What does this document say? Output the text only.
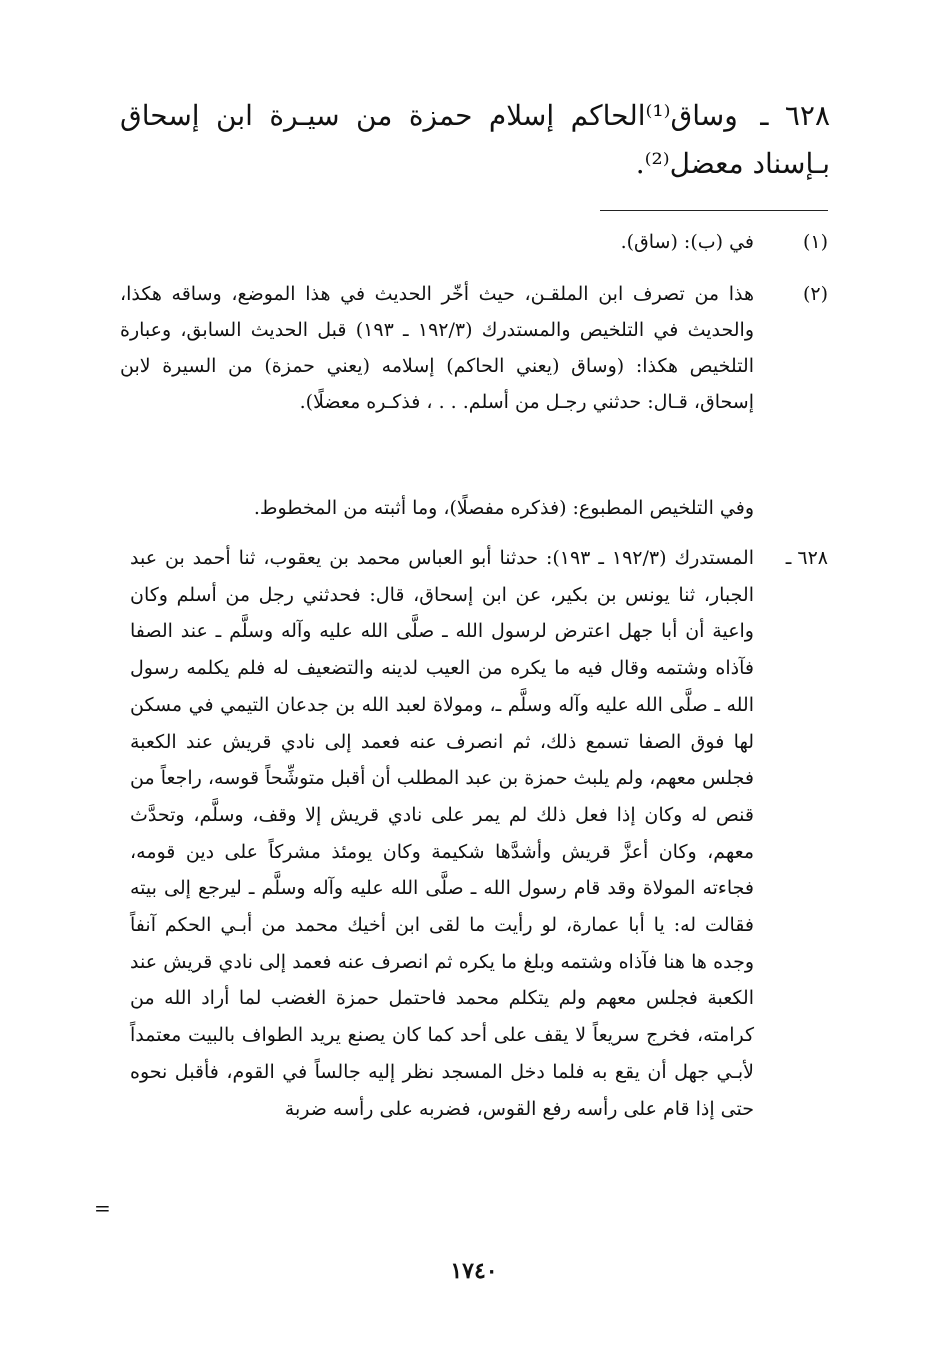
٦٢٨ ـ وساق⁽¹⁾الحاكم إسلام حمزة من سيـرة ابن إسحاق بـإسناد معضل⁽²⁾.
(١)
في (ب): (ساق).
(٢)
هذا من تصرف ابن الملقـن، حيث أخّر الحديث في هذا الموضع، وساقه هكذا، والحديث في التلخيص والمستدرك (١٩٢/٣ ـ ١٩٣) قبل الحديث السابق، وعبارة التلخيص هكذا: (وساق (يعني الحاكم) إسلامه (يعني حمزة) من السيرة لابن إسحاق، قـال: حدثني رجـل من أسلم. . . ، فذكـره معضلًا).
وفي التلخيص المطبوع: (فذكره مفصلًا)، وما أثبته من المخطوط.
٦٢٨ ـ
المستدرك (١٩٢/٣ ـ ١٩٣): حدثنا أبو العباس محمد بن يعقوب، ثنا أحمد بن عبد الجبار، ثنا يونس بن بكير، عن ابن إسحاق، قال: فحدثني رجل من أسلم وكان واعية أن أبا جهل اعترض لرسول الله ـ صلَّى الله عليه وآله وسلَّم ـ عند الصفا فآذاه وشتمه وقال فيه ما يكره من العيب لدينه والتضعيف له فلم يكلمه رسول الله ـ صلَّى الله عليه وآله وسلَّم ـ، ومولاة لعبد الله بن جدعان التيمي في مسكن لها فوق الصفا تسمع ذلك، ثم انصرف عنه فعمد إلى نادي قريش عند الكعبة فجلس معهم، ولم يلبث حمزة بن عبد المطلب أن أقبل متوشِّحاً قوسه، راجعاً من قنص له وكان إذا فعل ذلك لم يمر على نادي قريش إلا وقف، وسلَّم، وتحدَّث معهم، وكان أعزَّ قريش وأشدَّها شكيمة وكان يومئذ مشركاً على دين قومه، فجاءته المولاة وقد قام رسول الله ـ صلَّى الله عليه وآله وسلَّم ـ ليرجع إلى بيته فقالت له: يا أبا عمارة، لو رأيت ما لقى ابن أخيك محمد من أبـي الحكم آنفاً وجده ها هنا فآذاه وشتمه وبلغ ما يكره ثم انصرف عنه فعمد إلى نادي قريش عند الكعبة فجلس معهم ولم يتكلم محمد فاحتمل حمزة الغضب لما أراد الله من كرامته، فخرج سريعاً لا يقف على أحد كما كان يصنع يريد الطواف بالبيت معتمداً لأبـي جهل أن يقع به فلما دخل المسجد نظر إليه جالساً في القوم، فأقبل نحوه حتى إذا قام على رأسه رفع القوس، فضربه على رأسه ضربة
=
١٧٤٠
